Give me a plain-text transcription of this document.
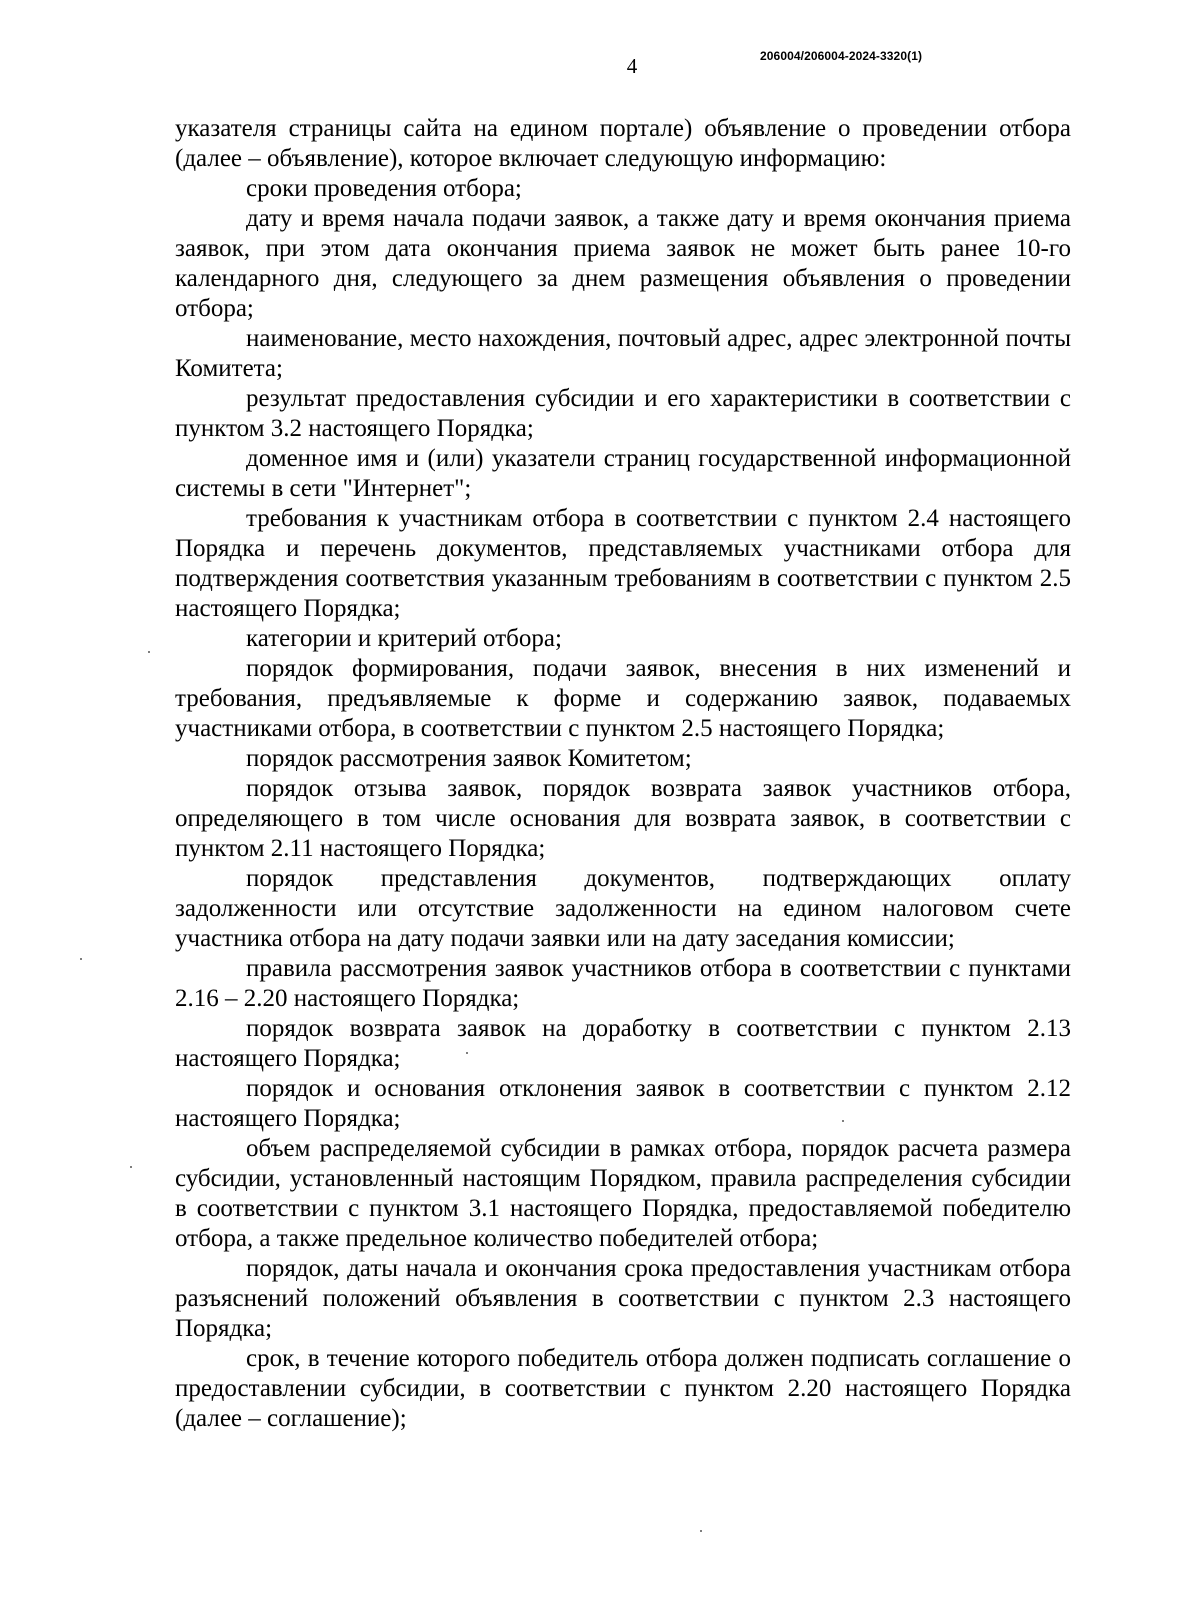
4	206004/206004-2024-3320(1)

указателя страницы сайта на едином портале) объявление о проведении отбора (далее – объявление), которое включает следующую информацию:

сроки проведения отбора;

дату и время начала подачи заявок, а также дату и время окончания приема заявок, при этом дата окончания приема заявок не может быть ранее 10-го календарного дня, следующего за днем размещения объявления о проведении отбора;

наименование, место нахождения, почтовый адрес, адрес электронной почты Комитета;

результат предоставления субсидии и его характеристики в соответствии с пунктом 3.2 настоящего Порядка;

доменное имя и (или) указатели страниц государственной информационной системы в сети "Интернет";

требования к участникам отбора в соответствии с пунктом 2.4 настоящего Порядка и перечень документов, представляемых участниками отбора для подтверждения соответствия указанным требованиям в соответствии с пунктом 2.5 настоящего Порядка;

категории и критерий отбора;

порядок формирования, подачи заявок, внесения в них изменений и требования, предъявляемые к форме и содержанию заявок, подаваемых участниками отбора, в соответствии с пунктом 2.5 настоящего Порядка;

порядок рассмотрения заявок Комитетом;

порядок отзыва заявок, порядок возврата заявок участников отбора, определяющего в том числе основания для возврата заявок, в соответствии с пунктом 2.11 настоящего Порядка;

порядок представления документов, подтверждающих оплату задолженности или отсутствие задолженности на едином налоговом счете участника отбора на дату подачи заявки или на дату заседания комиссии;

правила рассмотрения заявок участников отбора в соответствии с пунктами 2.16 – 2.20 настоящего Порядка;

порядок возврата заявок на доработку в соответствии с пунктом 2.13 настоящего Порядка;

порядок и основания отклонения заявок в соответствии с пунктом 2.12 настоящего Порядка;

объем распределяемой субсидии в рамках отбора, порядок расчета размера субсидии, установленный настоящим Порядком, правила распределения субсидии в соответствии с пунктом 3.1 настоящего Порядка, предоставляемой победителю отбора, а также предельное количество победителей отбора;

порядок, даты начала и окончания срока предоставления участникам отбора разъяснений положений объявления в соответствии с пунктом 2.3 настоящего Порядка;

срок, в течение которого победитель отбора должен подписать соглашение о предоставлении субсидии, в соответствии с пунктом 2.20 настоящего Порядка (далее – соглашение);
